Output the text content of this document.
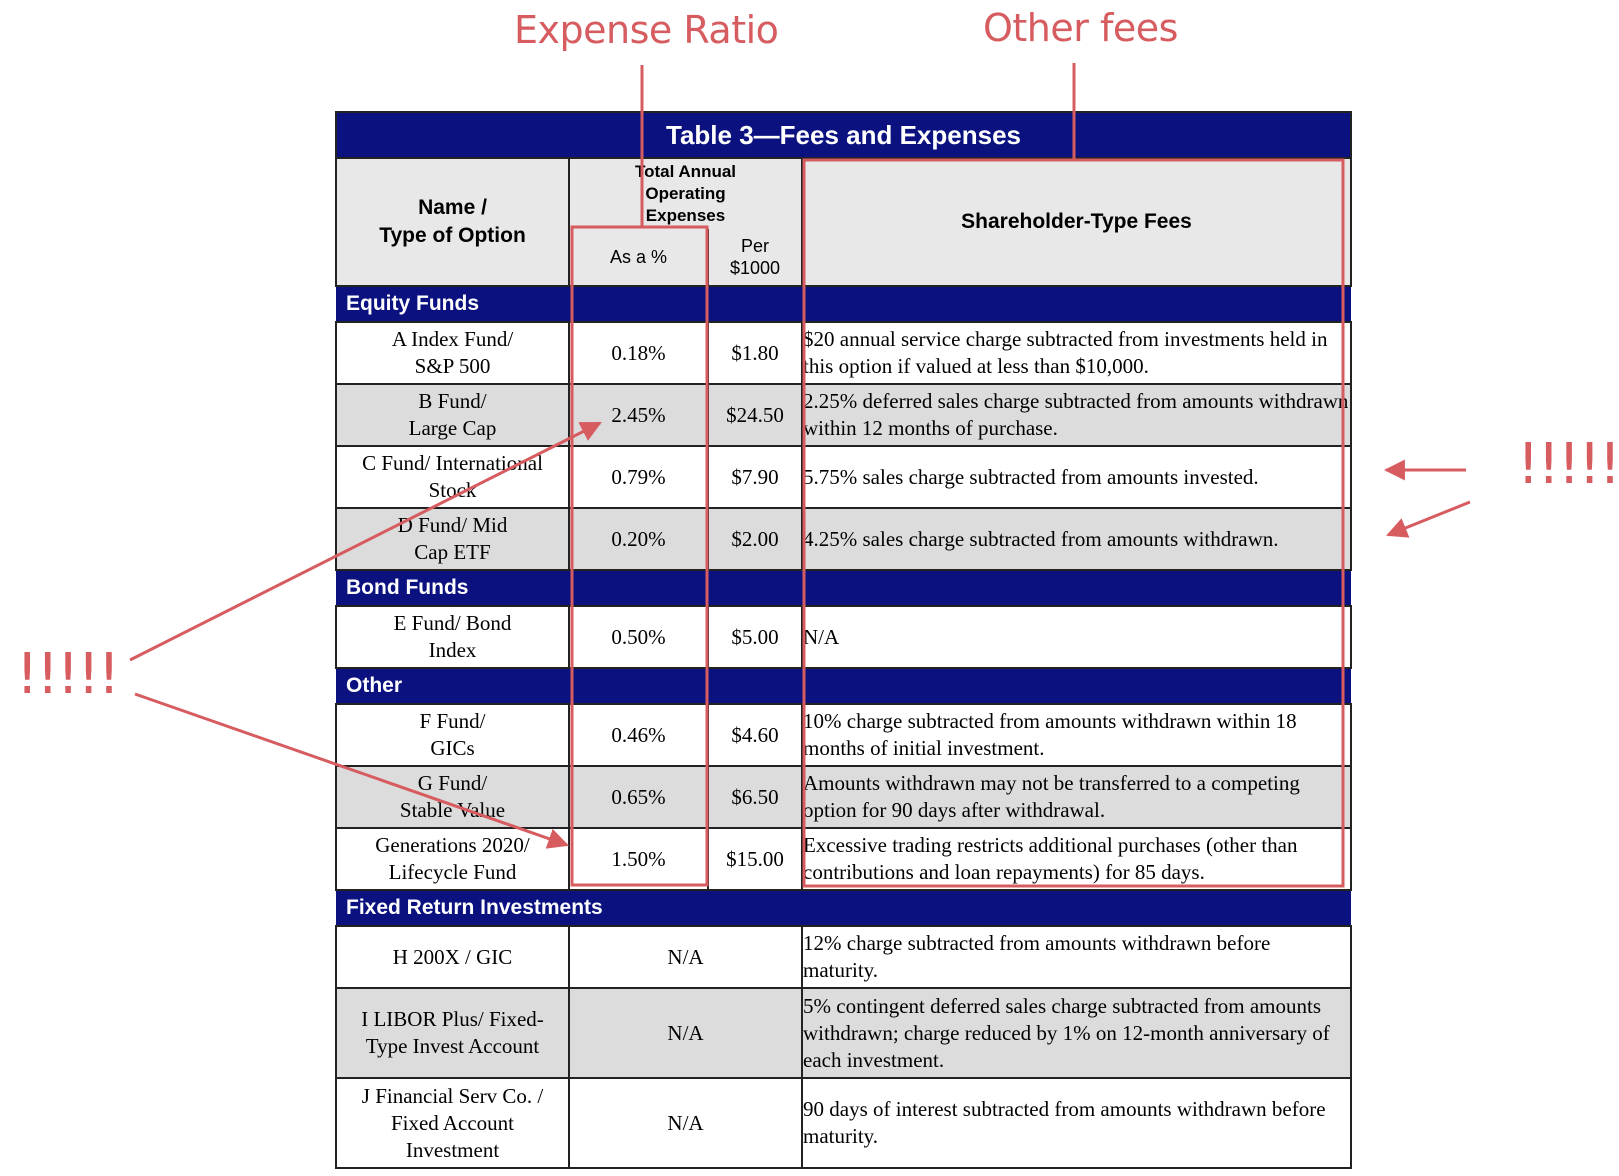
Expense Ratio	Other fees
!!!!!
!!!!!
Table 3—Fees and Expenses			

Name /
Type of Option	Total Annual Operating Expenses		Shareholder-Type Fees
	As a %	Per $1000	

Equity Funds			

A Index Fund/ S&P 500	0.18%	$1.80	$20 annual service charge subtracted from investments held in this option if valued at less than $10,000.

B Fund/ Large Cap	2.45%	$24.50	2.25% deferred sales charge subtracted from amounts withdrawn within 12 months of purchase.

C Fund/ International Stock	0.79%	$7.90	5.75% sales charge subtracted from amounts invested.

D Fund/ Mid Cap ETF	0.20%	$2.00	4.25% sales charge subtracted from amounts withdrawn.
Bond Funds			

E Fund/ Bond Index	0.50%	$5.00	N/A
Other			

F Fund/ GICs	0.46%	$4.60	10% charge subtracted from amounts withdrawn within 18 months of initial investment.

G Fund/ Stable Value	0.65%	$6.50	Amounts withdrawn may not be transferred to a competing option for 90 days after withdrawal.

Generations 2020/ Lifecycle Fund	1.50%	$15.00	Excessive trading restricts additional purchases (other than contributions and loan repayments) for 85 days.
Fixed Return Investments			
H 200X / GIC	N/A		12% charge subtracted from amounts withdrawn before maturity.

I LIBOR Plus/ Fixed-Type Invest Account	N/A		5% contingent deferred sales charge subtracted from amounts withdrawn; charge reduced by 1% on 12-month anniversary of each investment.

J Financial Serv Co. / Fixed Account Investment	N/A		90 days of interest subtracted from amounts withdrawn before maturity.
